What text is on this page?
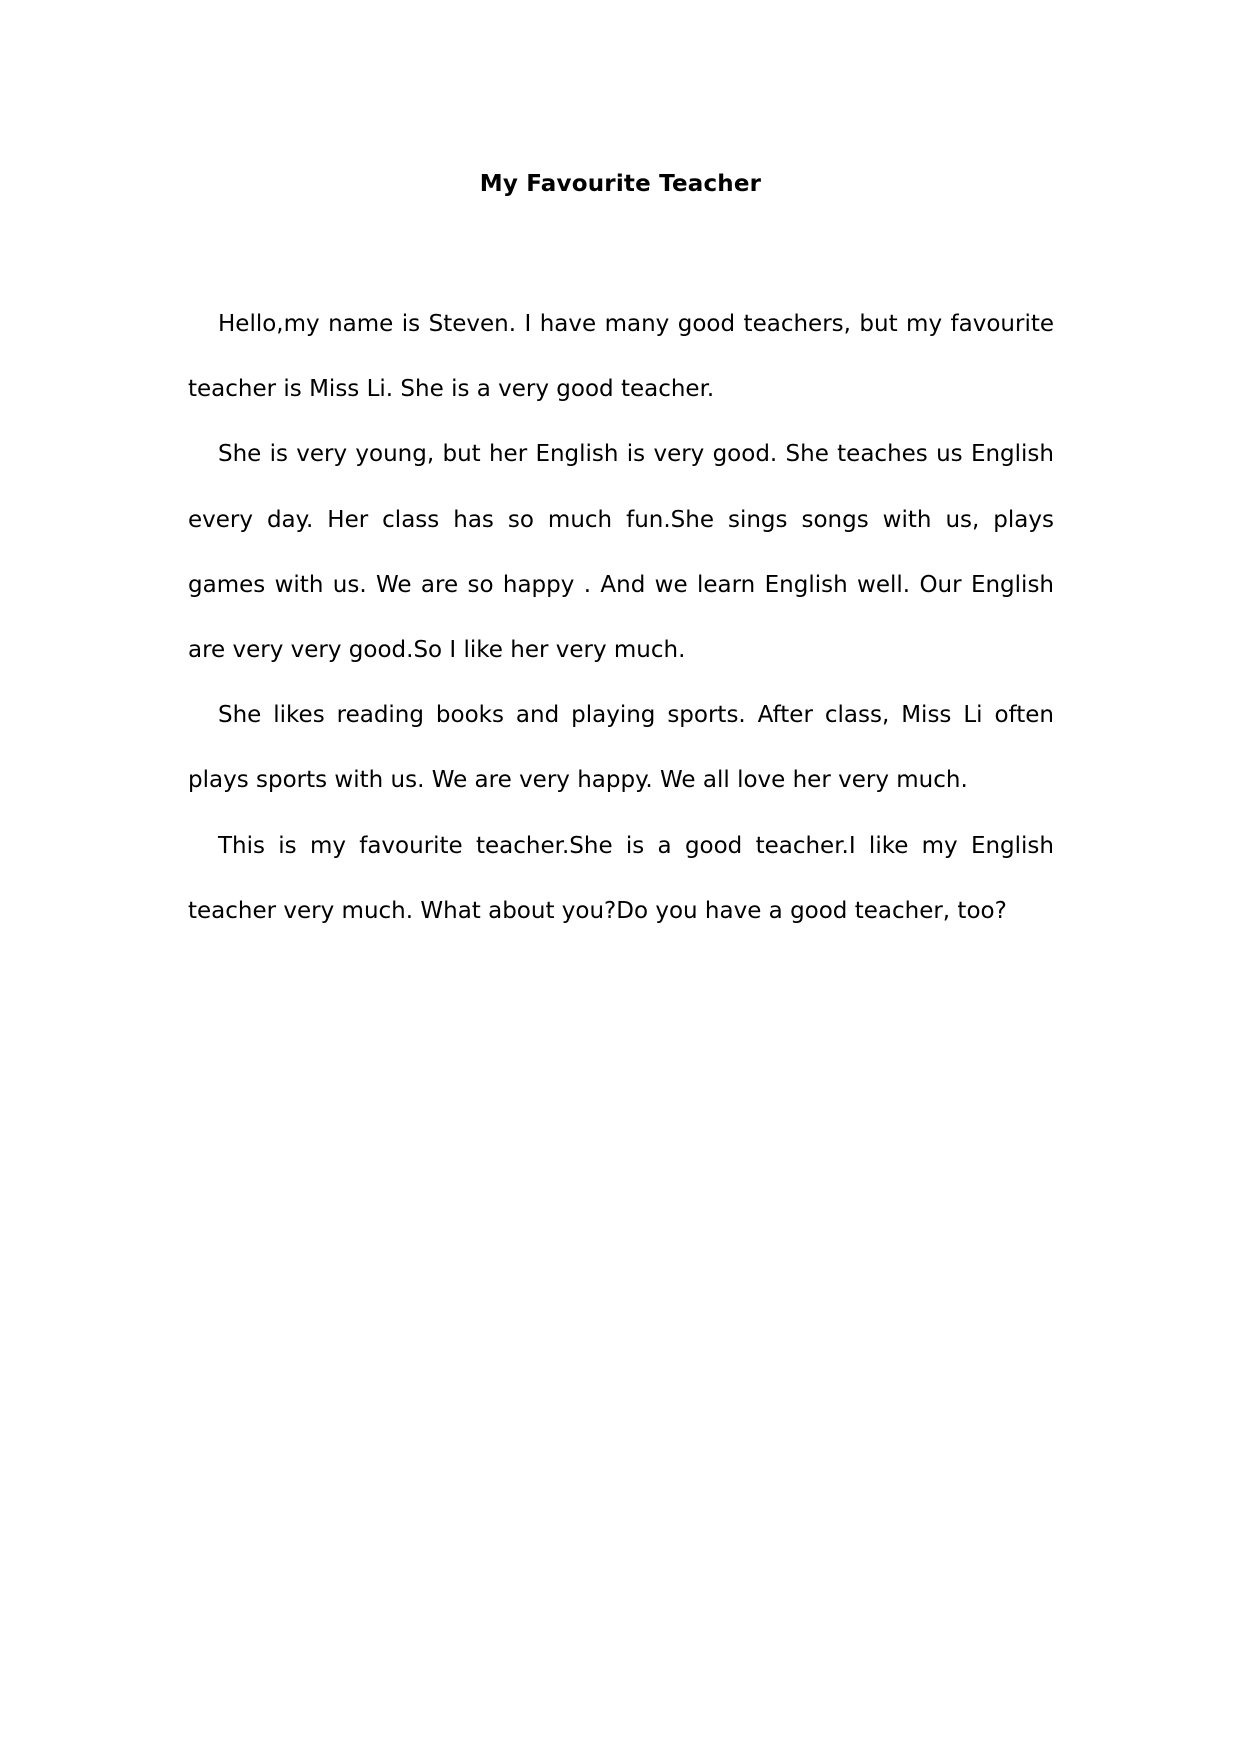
My Favourite Teacher

Hello,my name is Steven. I have many good teachers, but my favourite teacher is Miss Li. She is a very good teacher.

She is very young, but her English is very good. She teaches us English every day. Her class has so much fun.She sings songs with us, plays games with us. We are so happy . And we learn English well. Our English are very very good.So I like her very much.

She likes reading books and playing sports. After class, Miss Li often plays sports with us. We are very happy. We all love her very much.

This is my favourite teacher.She is a good teacher.I like my English teacher very much. What about you?Do you have a good teacher, too?
